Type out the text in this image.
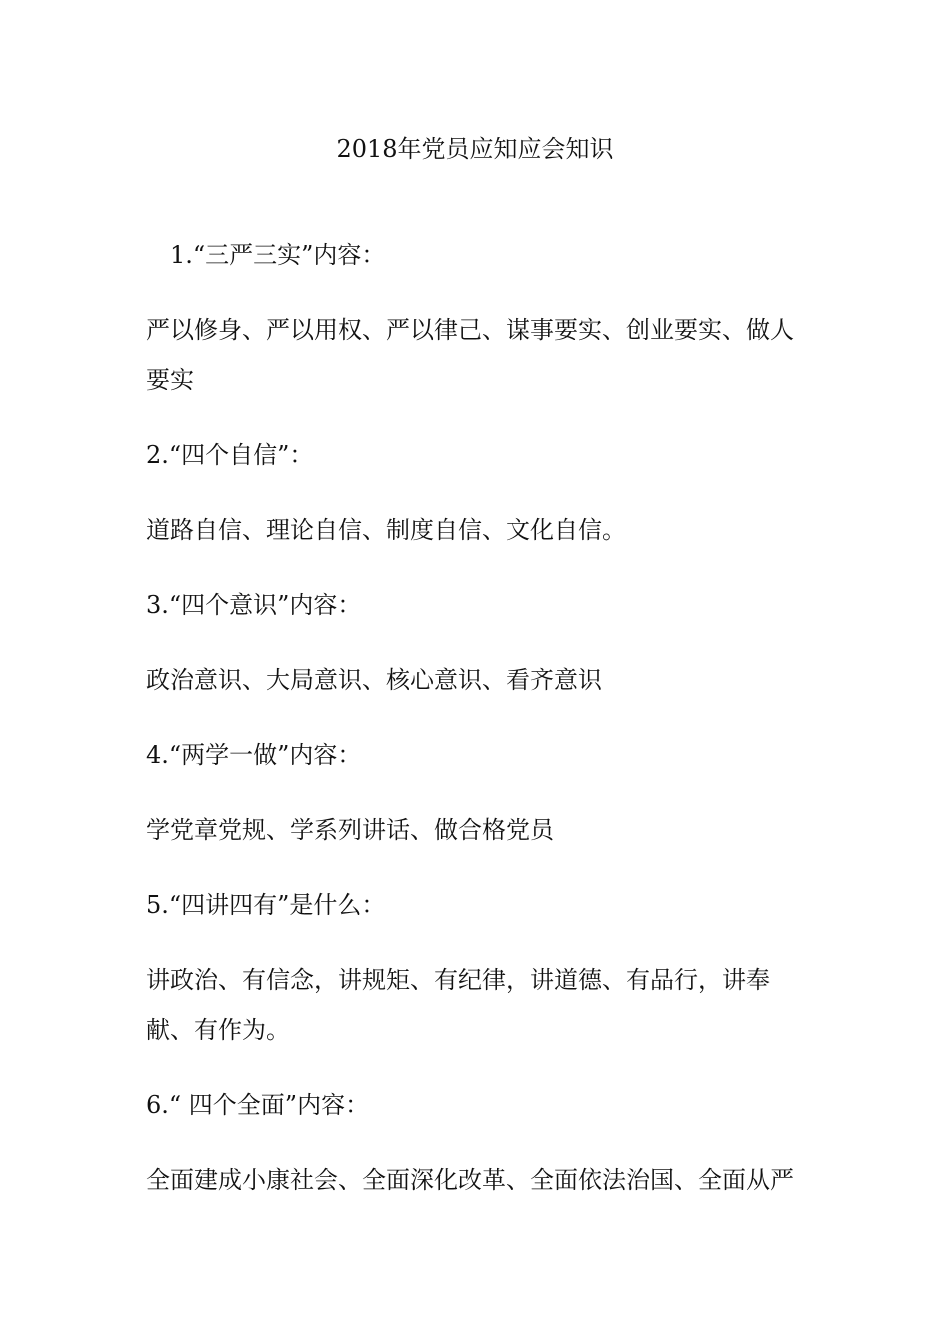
2018年党员应知应会知识

1.“三严三实”内容：

严以修身、严以用权、严以律己、谋事要实、创业要实、做人要实

2.“四个自信”：

道路自信、理论自信、制度自信、文化自信。

3.“四个意识”内容：

政治意识、大局意识、核心意识、看齐意识

4.“两学一做”内容：

学党章党规、学系列讲话、做合格党员

5.“四讲四有”是什么：

讲政治、有信念，讲规矩、有纪律，讲道德、有品行，讲奉献、有作为。

6.“ 四个全面”内容：

全面建成小康社会、全面深化改革、全面依法治国、全面从严
